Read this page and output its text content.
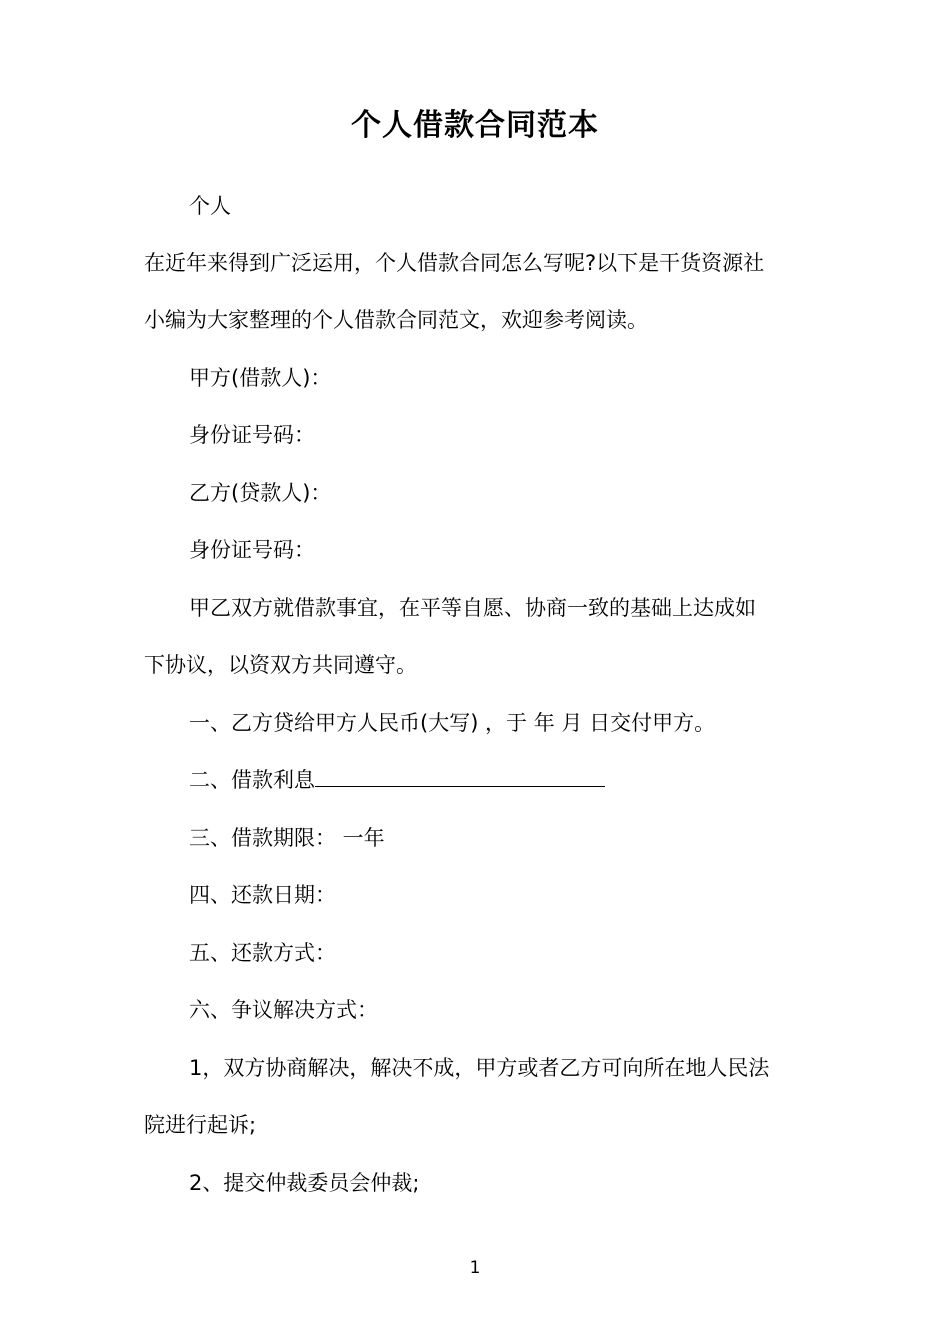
个人借款合同范本
个人
在近年来得到广泛运用，个人借款合同怎么写呢?以下是干货资源社
小编为大家整理的个人借款合同范文，欢迎参考阅读。
甲方(借款人)：
身份证号码：
乙方(贷款人)：
身份证号码：
甲乙双方就借款事宜，在平等自愿、协商一致的基础上达成如
下协议，以资双方共同遵守。
一、乙方贷给甲方人民币(大写) ，于 年 月 日交付甲方。
二、借款利息
三、借款期限： 一年
四、还款日期：
五、还款方式：
六、争议解决方式：
1，双方协商解决，解决不成，甲方或者乙方可向所在地人民法
院进行起诉;
2、提交仲裁委员会仲裁;
1
